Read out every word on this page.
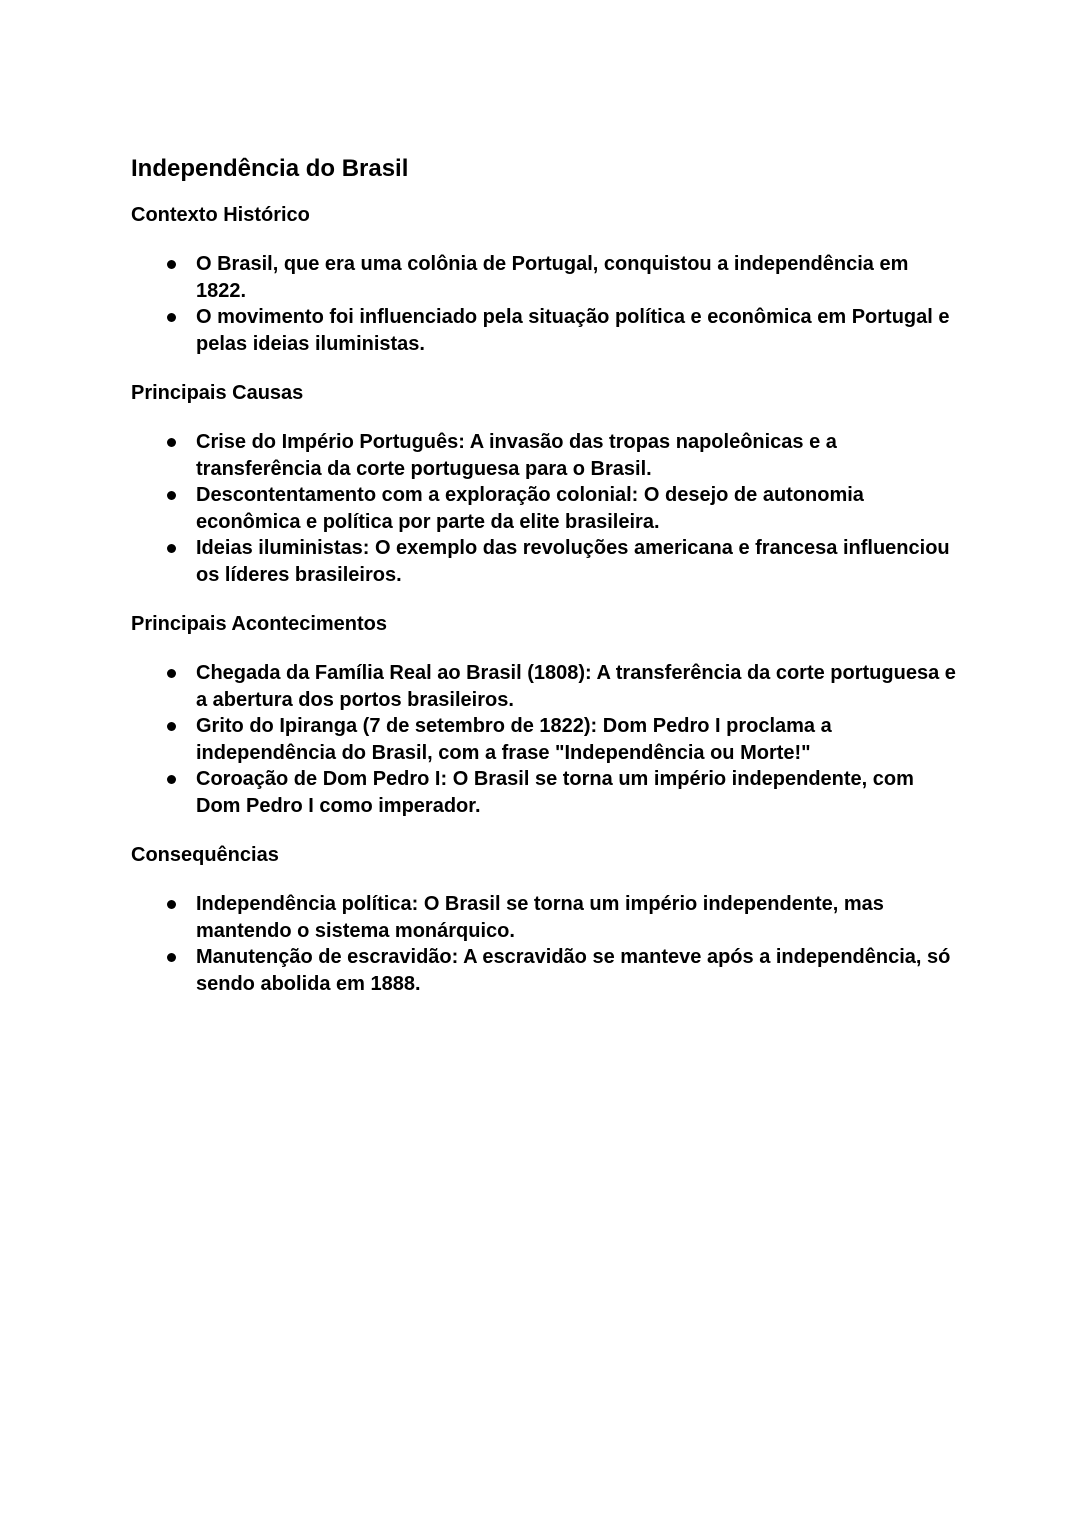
Independência do Brasil
Contexto Histórico
O Brasil, que era uma colônia de Portugal, conquistou a independência em 1822.
O movimento foi influenciado pela situação política e econômica em Portugal e pelas ideias iluministas.
Principais Causas
Crise do Império Português: A invasão das tropas napoleônicas e a transferência da corte portuguesa para o Brasil.
Descontentamento com a exploração colonial: O desejo de autonomia econômica e política por parte da elite brasileira.
Ideias iluministas: O exemplo das revoluções americana e francesa influenciou os líderes brasileiros.
Principais Acontecimentos
Chegada da Família Real ao Brasil (1808): A transferência da corte portuguesa e a abertura dos portos brasileiros.
Grito do Ipiranga (7 de setembro de 1822): Dom Pedro I proclama a independência do Brasil, com a frase "Independência ou Morte!"
Coroação de Dom Pedro I: O Brasil se torna um império independente, com Dom Pedro I como imperador.
Consequências
Independência política: O Brasil se torna um império independente, mas mantendo o sistema monárquico.
Manutenção de escravidão: A escravidão se manteve após a independência, só sendo abolida em 1888.
